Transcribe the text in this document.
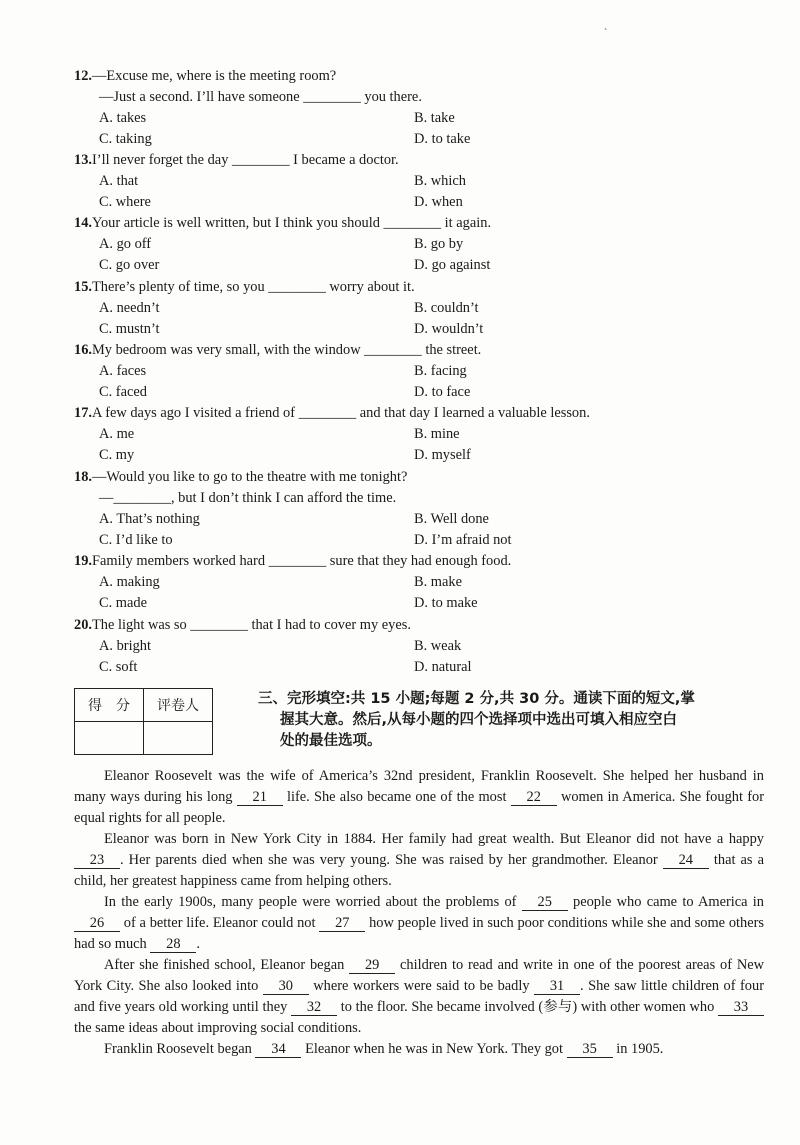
`
12.—Excuse me, where is the meeting room?
—Just a second. I’ll have someone ________ you there.
A. takes	B. take
C. taking	D. to take
13.I’ll never forget the day ________ I became a doctor.
A. that	B. which
C. where	D. when
14.Your article is well written, but I think you should ________ it again.
A. go off	B. go by
C. go over	D. go against
15.There’s plenty of time, so you ________ worry about it.
A. needn’t	B. couldn’t
C. mustn’t	D. wouldn’t
16.My bedroom was very small, with the window ________ the street.
A. faces	B. facing
C. faced	D. to face
17.A few days ago I visited a friend of ________ and that day I learned a valuable lesson.
A. me	B. mine
C. my	D. myself
18.—Would you like to go to the theatre with me tonight?
—________, but I don’t think I can afford the time.
A. That’s nothing	B. Well done
C. I’d like to	D. I’m afraid not
19.Family members worked hard ________ sure that they had enough food.
A. making	B. make
C. made	D. to make
20.The light was so ________ that I had to cover my eyes.
A. bright	B. weak
C. soft	D. natural
得　分	评卷人
		三、完形填空:共 15 小题;每题 2 分,共 30 分。通读下面的短文,掌
握其大意。然后,从每小题的四个选择项中选出可填入相应空白
处的最佳选项。

Eleanor Roosevelt was the wife of America’s 32nd president, Franklin Roosevelt. She helped her husband in many ways during his long 21 life. She also became one of the most 22 women in America. She fought for equal rights for all people.

Eleanor was born in New York City in 1884. Her family had great wealth. But Eleanor did not have a happy 23 . Her parents died when she was very young. She was raised by her grandmother. Eleanor 24 that as a child, her greatest happiness came from helping others.

In the early 1900s, many people were worried about the problems of 25 people who came to America in 26 of a better life. Eleanor could not 27 how people lived in such poor conditions while she and some others had so much 28 .

After she finished school, Eleanor began 29 children to read and write in one of the poorest areas of New York City. She also looked into 30 where workers were said to be badly 31 . She saw little children of four and five years old working until they 32 to the floor. She became involved (参与) with other women who 33 the same ideas about improving social conditions.

Franklin Roosevelt began 34 Eleanor when he was in New York. They got 35 in 1905.
